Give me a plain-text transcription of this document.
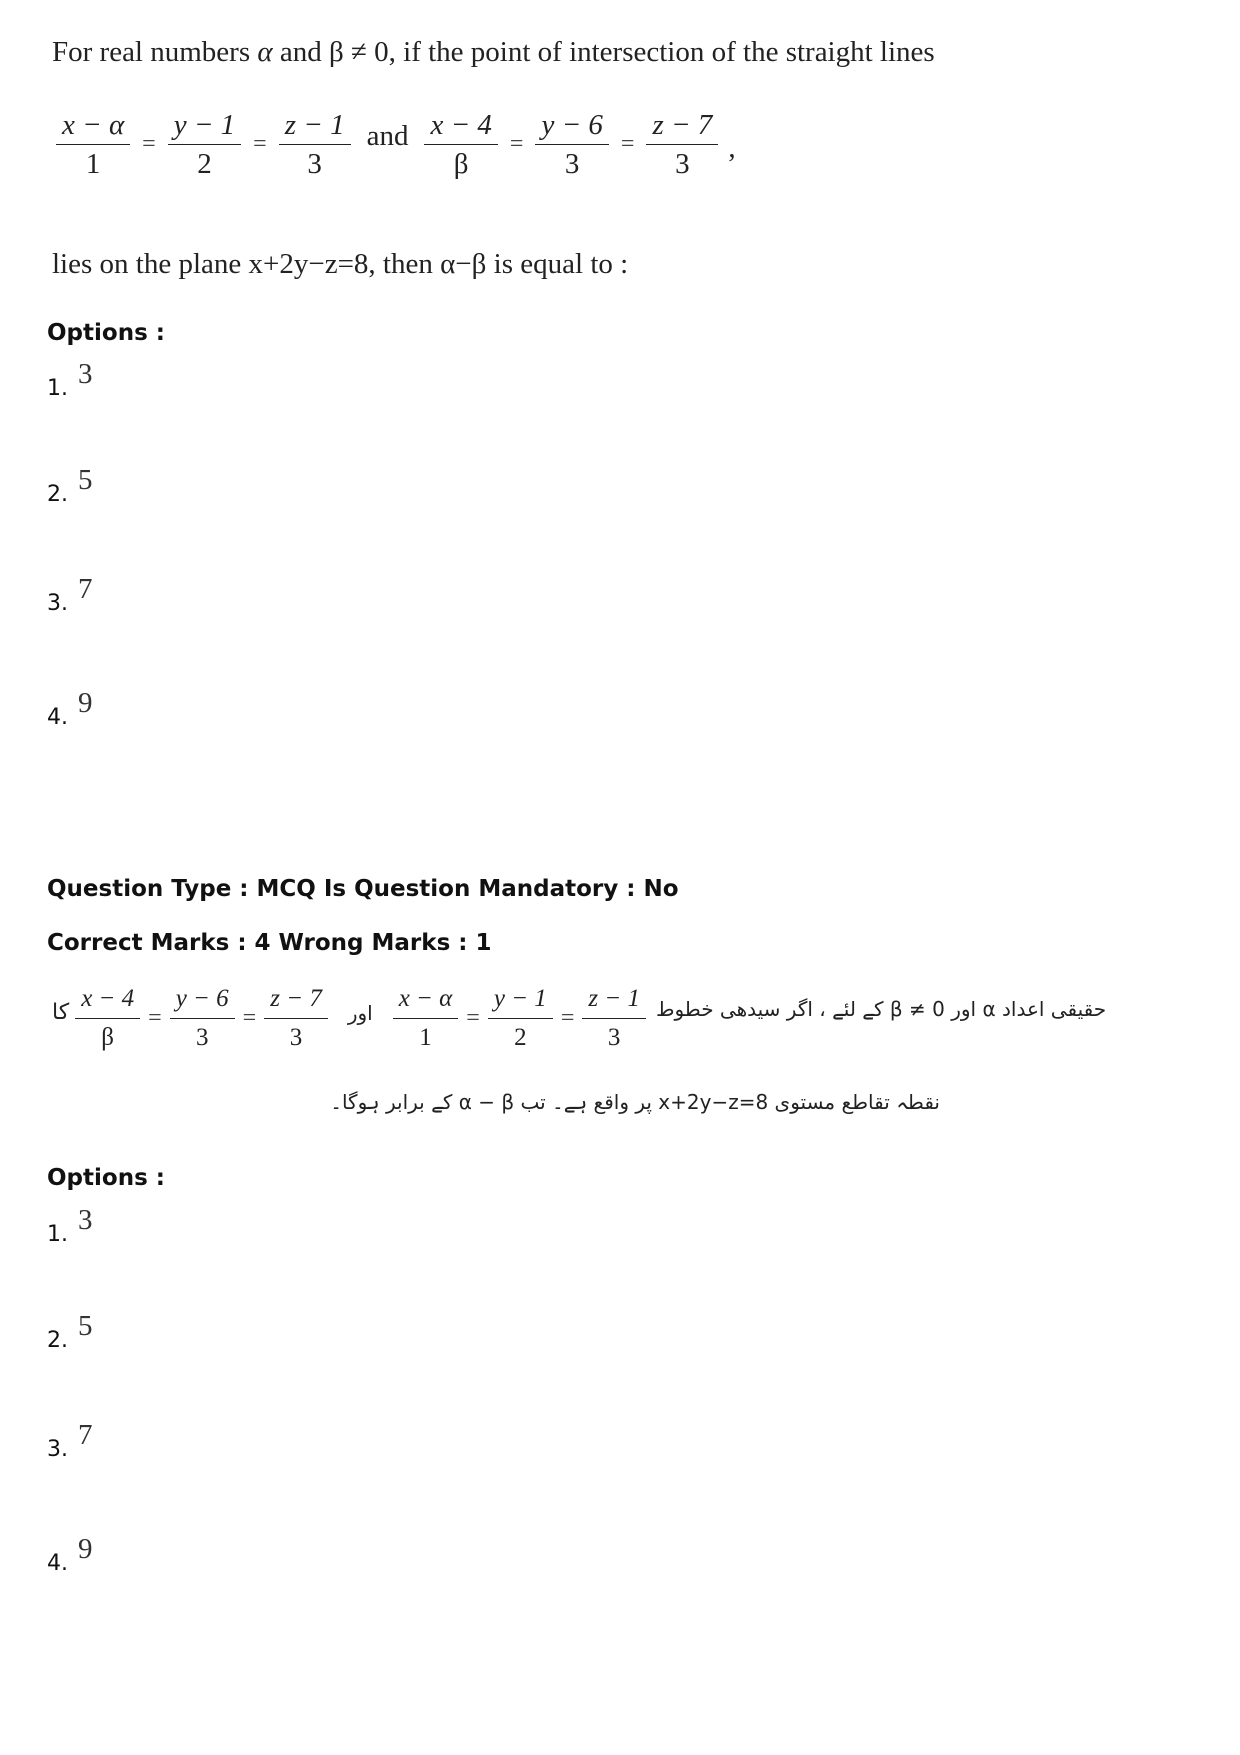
For real numbers α and β ≠ 0, if the point of intersection of the straight lines
$\frac{x - \alpha}{1} = \frac{y - 1}{2} = \frac{z - 1}{3}$ and $\frac{x - 4}{\beta} = \frac{y - 6}{3} = \frac{z - 7}{3}$ ,
lies on the plane x+2y−z=8, then α−β is equal to :
Options :
1. 3
2. 5
3. 7
4. 9
Question Type : MCQ Is Question Mandatory : No
Correct Marks : 4 Wrong Marks : 1
کا $\frac{x - 4}{\beta} = \frac{y - 6}{3} = \frac{z - 7}{3}$ اور $\frac{x - \alpha}{1} = \frac{y - 1}{2} = \frac{z - 1}{3}$ حقیقی اعداد α اور β ≠ 0 کے لئے ، اگر سیدھی خطوط
نقطہ تقاطع مستوی x+2y−z=8 پر واقع ہے۔ تب α − β کے برابر ہوگا۔
Options :
1. 3
2. 5
3. 7
4. 9
